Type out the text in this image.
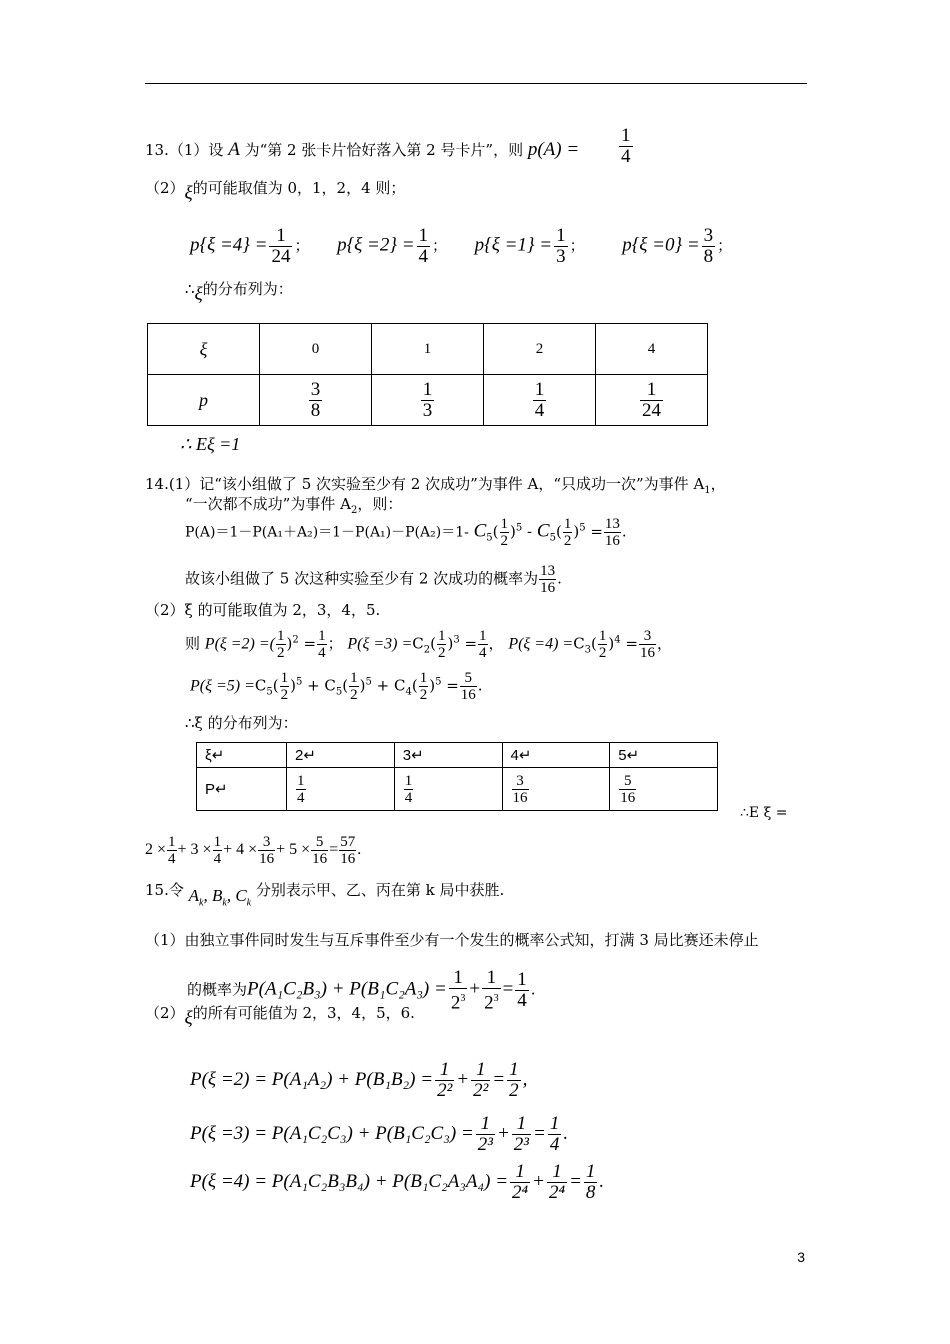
13.（1）设 A 为“第 2 张卡片恰好落入第 2 号卡片”，则 $p(A) = \frac{1}{4}$
（2）ξ的可能取值为 0，1，2，4 则；
$p\{\xi =4\} = \frac{1}{24}$ ； $p\{\xi =2\} = \frac{1}{4}$ ； $p\{\xi =1\} = \frac{1}{3}$ ； $p\{\xi =0\} = \frac{3}{8}$ ；
∴ξ的分布列为：
ξ	0	1	2	4
p	$\frac{3}{8}$	$\frac{1}{3}$	$\frac{1}{4}$	$\frac{1}{24}$
∴ Eξ =1
14.(1）记“该小组做了 5 次实验至少有 2 次成功”为事件 A，“只成功一次”为事件 $A_1$，
“一次都不成功”为事件 $A_2$，则：
P(A)＝1－P(A₁＋A₂)＝1－P(A₁)－P(A₂)＝1- $C_5( \frac{1}{2} )^5 - C_5( \frac{1}{2} )^5 = \frac{13}{16}$ .
故该小组做了 5 次这种实验至少有 2 次成功的概率为 $\frac{13}{16}$ .
（2）ξ 的可能取值为 2，3，4，5.
则 P(ξ =2) =( $\frac{1}{2} )^2 = \frac{1}{4}$ ； $P(\xi =3) =C_2( \frac{1}{2} )^3 = \frac{1}{4}$ ， $P(\xi =4) =C_3( \frac{1}{2} )^4 = \frac{3}{16}$ ，
$P(\xi =5) =C_5( \frac{1}{2} )^5 + C_5( \frac{1}{2} )^5 + C_4( \frac{1}{2} )^5 = \frac{5}{16}$ .
∴ξ 的分布列为：
ξ↵	2↵	3↵	4↵	5↵
P↵	$\frac{1}{4}$	$\frac{1}{4}$	$\frac{3}{16}$	$\frac{5}{16}$
∴E ξ =
$2 \times \frac{1}{4} + 3 \times \frac{1}{4} + 4 \times \frac{3}{16} + 5 \times \frac{5}{16} = \frac{57}{16}$ .
15.令 $A_k$, $B_k$, $C_k$ 分别表示甲、乙、丙在第 k 局中获胜.
（1）由独立事件同时发生与互斥事件至少有一个发生的概率公式知，打满 3 局比赛还未停止
的概率为$P(A_1C_2B_3) + P(B_1C_2A_3) = \frac{1}{2^3} + \frac{1}{2^3} = \frac{1}{4}$ .
（2）ξ的所有可能值为 2，3，4，5，6.
$P(\xi =2) = P(A_1A_2) + P(B_1B_2) = \frac{1}{\text{2²}} + \frac{1}{\text{2²}} = \frac{1}{2}$ ,
$P(\xi =3) = P(A_1C_2C_3) + P(B_1C_2C_3) = \frac{1}{\text{2³}} + \frac{1}{\text{2³}} = \frac{1}{4}$ .
$P(\xi =4) = P(A_1C_2B_3B_4) + P(B_1C_2A_3A_4) = \frac{1}{\text{2⁴}} + \frac{1}{\text{2⁴}} = \frac{1}{8}$ .
3
